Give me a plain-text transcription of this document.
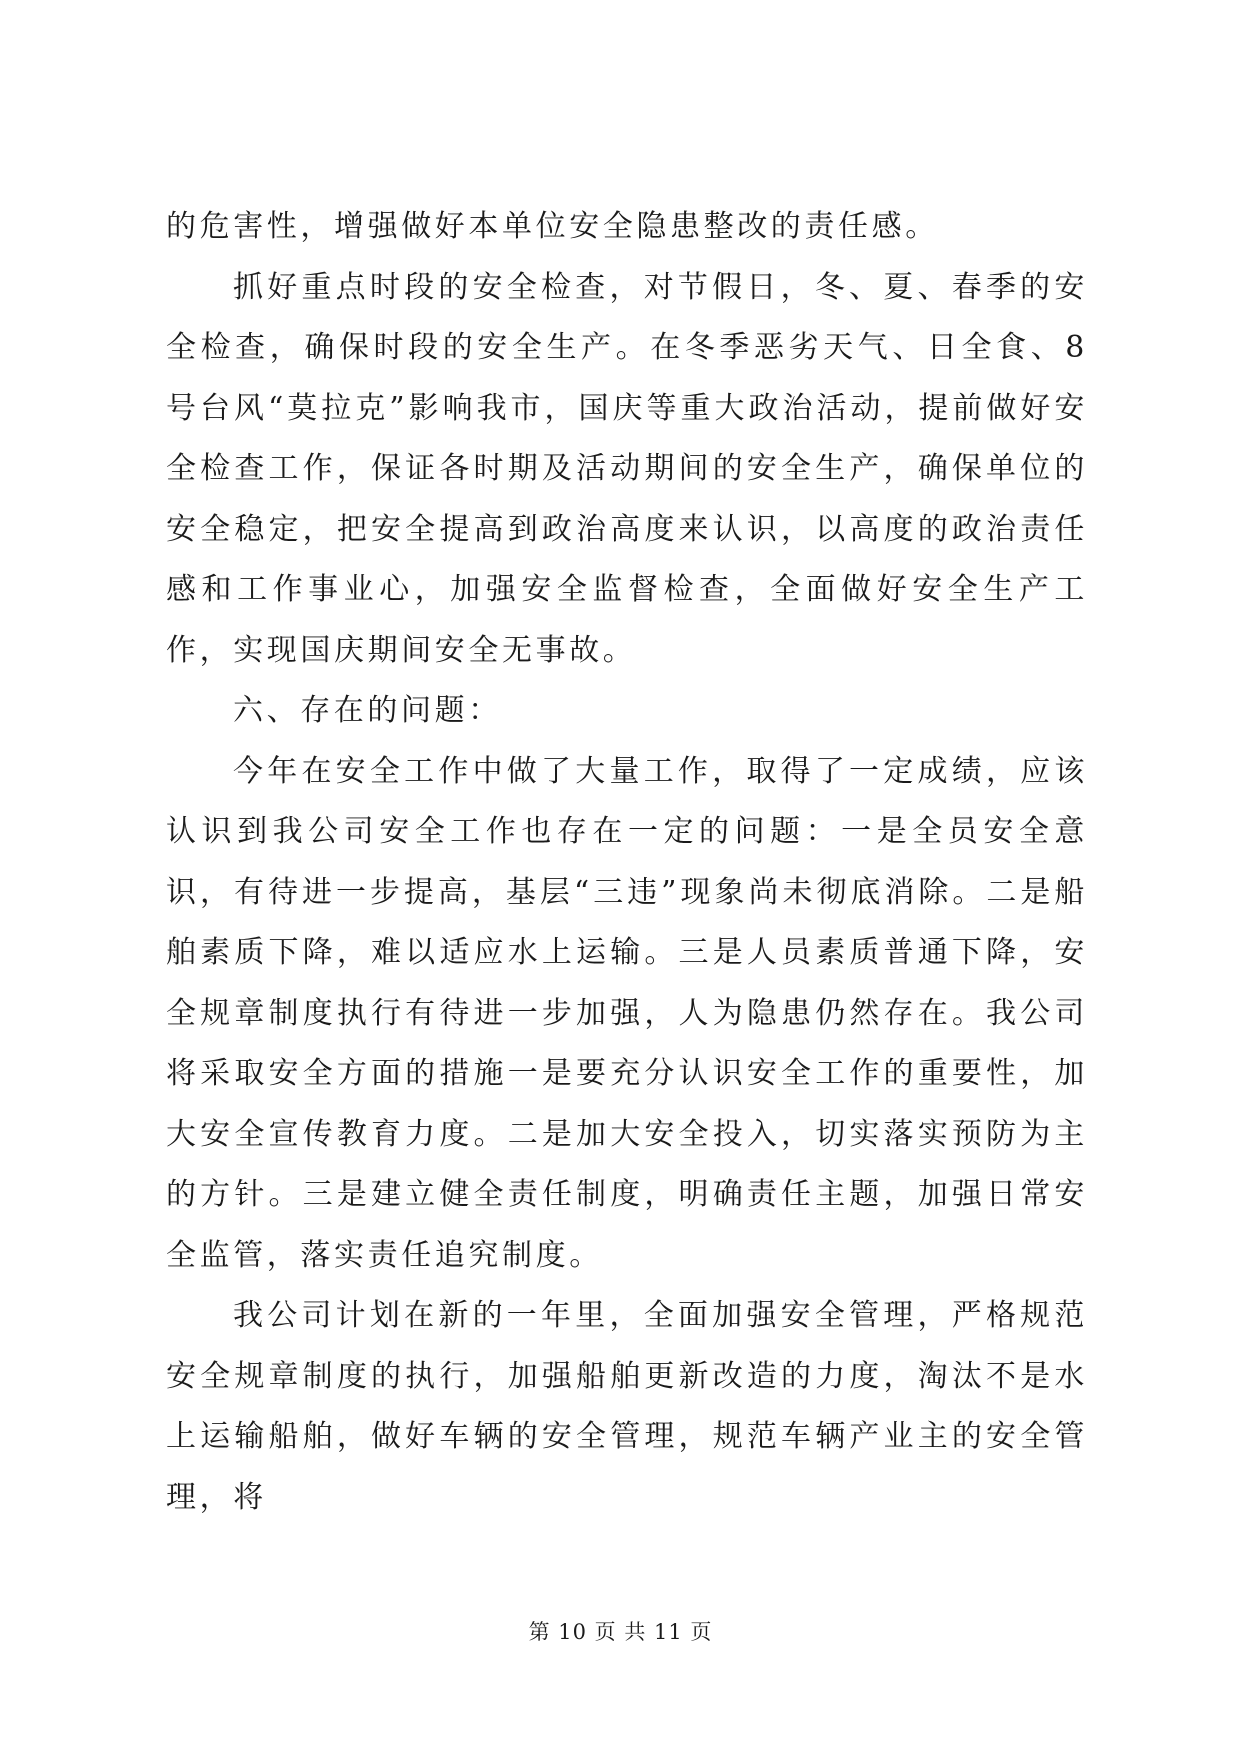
的危害性，增强做好本单位安全隐患整改的责任感。

抓好重点时段的安全检查，对节假日，冬、夏、春季的安全检查，确保时段的安全生产。在冬季恶劣天气、日全食、8号台风“莫拉克”影响我市，国庆等重大政治活动，提前做好安全检查工作，保证各时期及活动期间的安全生产，确保单位的安全稳定，把安全提高到政治高度来认识，以高度的政治责任感和工作事业心，加强安全监督检查，全面做好安全生产工作，实现国庆期间安全无事故。

六、存在的问题：

今年在安全工作中做了大量工作，取得了一定成绩，应该认识到我公司安全工作也存在一定的问题：一是全员安全意识，有待进一步提高，基层“三违”现象尚未彻底消除。二是船舶素质下降，难以适应水上运输。三是人员素质普通下降，安全规章制度执行有待进一步加强，人为隐患仍然存在。我公司将采取安全方面的措施一是要充分认识安全工作的重要性，加大安全宣传教育力度。二是加大安全投入，切实落实预防为主的方针。三是建立健全责任制度，明确责任主题，加强日常安全监管，落实责任追究制度。

我公司计划在新的一年里，全面加强安全管理，严格规范安全规章制度的执行，加强船舶更新改造的力度，淘汰不是水上运输船舶，做好车辆的安全管理，规范车辆产业主的安全管理，将

第 10 页 共 11 页
